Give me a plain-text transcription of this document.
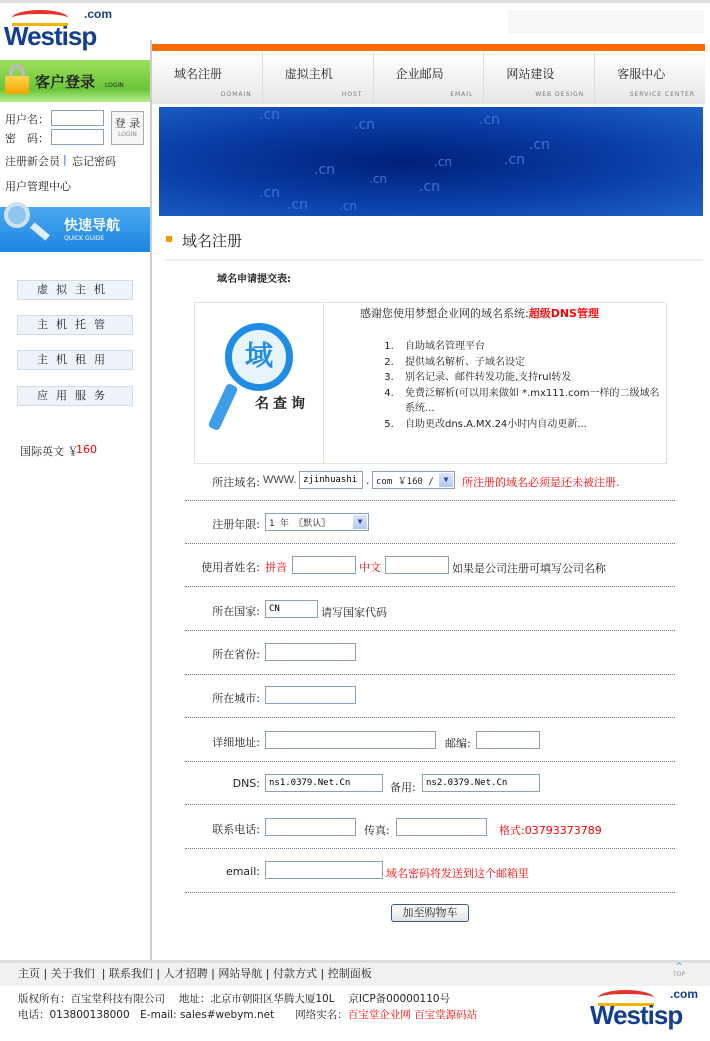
.com
Westisp
域名注册
DOMAIN
虚拟主机
HOST
企业邮局
EMAIL
网站建设
WEB DESIGN
客服中心
SERVICE CENTER
.cn
.cn	.cn
.cn
.cn	.cn
.cn
.cn
.cn	.cn
.cn	.cn
域名注册
客户登录 LOGIN
用户名：
密　码：
登 录
LOGIN
注册新会员 | 忘记密码
用户管理中心
快速导航
QUICK GUIDE
虚拟主机
主机托管
主机租用
应用服务
国际英文 ￥
160
域名申请提交表:
域
名查询
感谢您使用梦想企业网的域名系统:超级DNS管理
1. 自助域名管理平台
2. 提供域名解析、子域名设定
3. 别名记录、邮件转发功能,支持rul转发
4. 免费泛解析(可以用来做如 *.mx111.com一样的二级域名系统...
5. 自助更改dns.A.MX.24小时内自动更新...
所注域名: WWW.
zjinhuashi.	. com ￥160 /	▼	所注册的域名必须是还未被注册.
注册年限:	1 年 〖默认〗	▼
使用者姓名: 拼音	中文	如果是公司注册可填写公司名称
所在国家:
CN	请写国家代码
所在省份:
所在城市:
详细地址:	邮编:
DNS:
ns1.0379.Net.Cn	备用:
ns2.0379.Net.Cn
联系电话:	传真:	格式:03793373789
email:	域名密码将发送到这个邮箱里
加至购物车
主页 | 关于我们  | 联系我们 | 人才招聘 | 网站导航 | 付款方式 | 控制面板	^
TOP
版权所有：百宝堂科技有限公司　 地址：北京市朝阳区华腾大厦10L　 京ICP备00000110号
电话：013800138000　E-mail: sales#webym.net　　网络实名：百宝堂企业网 百宝堂源码站
.com
Westisp
